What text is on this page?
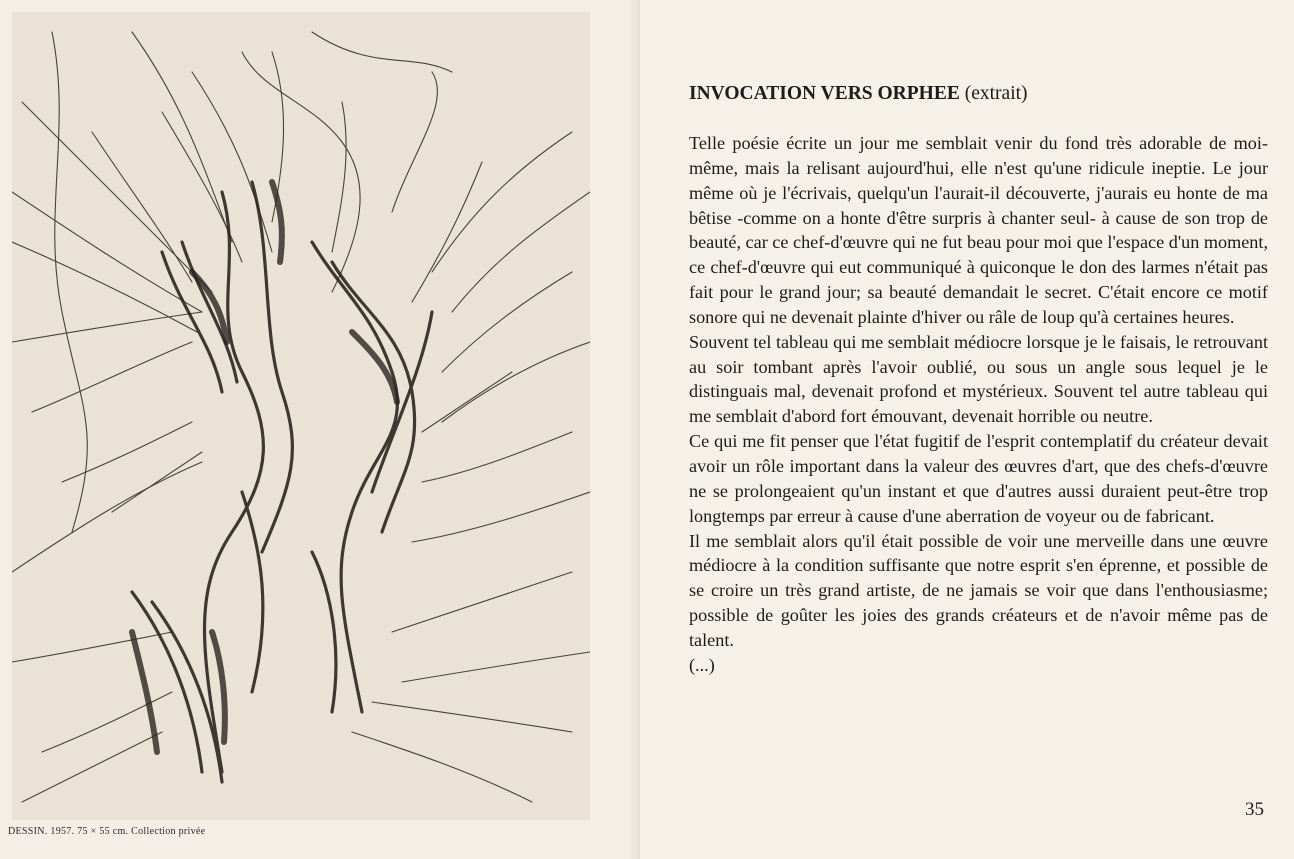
DESSIN. 1957. 75 × 55 cm. Collection privée
INVOCATION VERS ORPHEE (extrait)

Telle poésie écrite un jour me semblait venir du fond très adorable de moi-même, mais la relisant aujourd'hui, elle n'est qu'une ridicule ineptie. Le jour même où je l'écrivais, quelqu'un l'aurait-il découverte, j'aurais eu honte de ma bêtise -comme on a honte d'être surpris à chanter seul- à cause de son trop de beauté, car ce chef-d'œuvre qui ne fut beau pour moi que l'espace d'un moment, ce chef-d'œuvre qui eut communiqué à quiconque le don des larmes n'était pas fait pour le grand jour; sa beauté demandait le secret. C'était encore ce motif sonore qui ne devenait plainte d'hiver ou râle de loup qu'à certaines heures.

Souvent tel tableau qui me semblait médiocre lorsque je le faisais, le retrouvant au soir tombant après l'avoir oublié, ou sous un angle sous lequel je le distinguais mal, devenait profond et mystérieux. Souvent tel autre tableau qui me semblait d'abord fort émouvant, devenait horrible ou neutre.

Ce qui me fit penser que l'état fugitif de l'esprit contemplatif du créateur devait avoir un rôle important dans la valeur des œuvres d'art, que des chefs-d'œuvre ne se prolongeaient qu'un instant et que d'autres aussi duraient peut-être trop longtemps par erreur à cause d'une aberration de voyeur ou de fabricant.

Il me semblait alors qu'il était possible de voir une merveille dans une œuvre médiocre à la condition suffisante que notre esprit s'en éprenne, et possible de se croire un très grand artiste, de ne jamais se voir que dans l'enthousiasme; possible de goûter les joies des grands créateurs et de n'avoir même pas de talent.

(...)

35
